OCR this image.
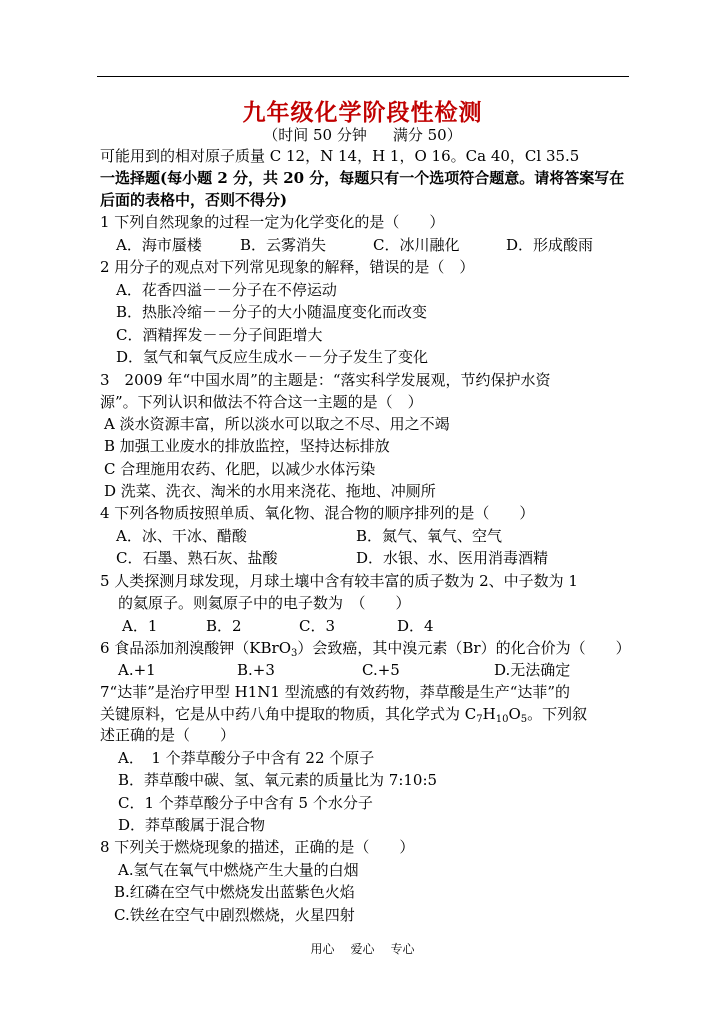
九年级化学阶段性检测
（时间 50 分钟 满分 50）
可能用到的相对原子质量 C 12，N 14，H 1，O 16。Ca 40，Cl 35.5
一选择题(每小题 2 分，共 20 分，每题只有一个选项符合题意。请将答案写在
后面的表格中，否则不得分)
1 下列自然现象的过程一定为化学变化的是（　　）
A．海市蜃楼	B．云雾消失	C．冰川融化	D．形成酸雨
2 用分子的观点对下列常见现象的解释，错误的是（　）
A．花香四溢－－分子在不停运动
B．热胀冷缩－－分子的大小随温度变化而改变
C．酒精挥发－－分子间距增大
D．氢气和氧气反应生成水－－分子发生了变化
3　2009 年“中国水周”的主题是：“落实科学发展观，节约保护水资
源”。下列认识和做法不符合这一主题的是（　）
A 淡水资源丰富，所以淡水可以取之不尽、用之不竭
B 加强工业废水的排放监控，坚持达标排放
C 合理施用农药、化肥，以减少水体污染
D 洗菜、洗衣、淘米的水用来浇花、拖地、冲厕所
4 下列各物质按照单质、氧化物、混合物的顺序排列的是（　　）
A．冰、干冰、醋酸	B．氮气、氧气、空气
C．石墨、熟石灰、盐酸	D．水银、水、医用消毒酒精
5 人类探测月球发现，月球土壤中含有较丰富的质子数为 2、中子数为 1
的氦原子。则氦原子中的电子数为　（　　）
A．1	B．2	C．3	D．4
6 食品添加剂溴酸钾（KBrO$_3$）会致癌，其中溴元素（Br）的化合价为（　　）
A.+1	B.+3	C.+5	D.无法确定
7“达菲”是治疗甲型 H1N1 型流感的有效药物，莽草酸是生产“达菲”的
关键原料，它是从中药八角中提取的物质，其化学式为 $C_7H_{10}O_5$。下列叙
述正确的是（　　）
A．　1 个莽草酸分子中含有 22 个原子
B．莽草酸中碳、氢、氧元素的质量比为 7:10:5
C．1 个莽草酸分子中含有 5 个水分子
D．莽草酸属于混合物
8 下列关于燃烧现象的描述，正确的是（　　）
A.氢气在氧气中燃烧产生大量的白烟
B.红磷在空气中燃烧发出蓝紫色火焰
C.铁丝在空气中剧烈燃烧，火星四射
用心 爱心 专心
